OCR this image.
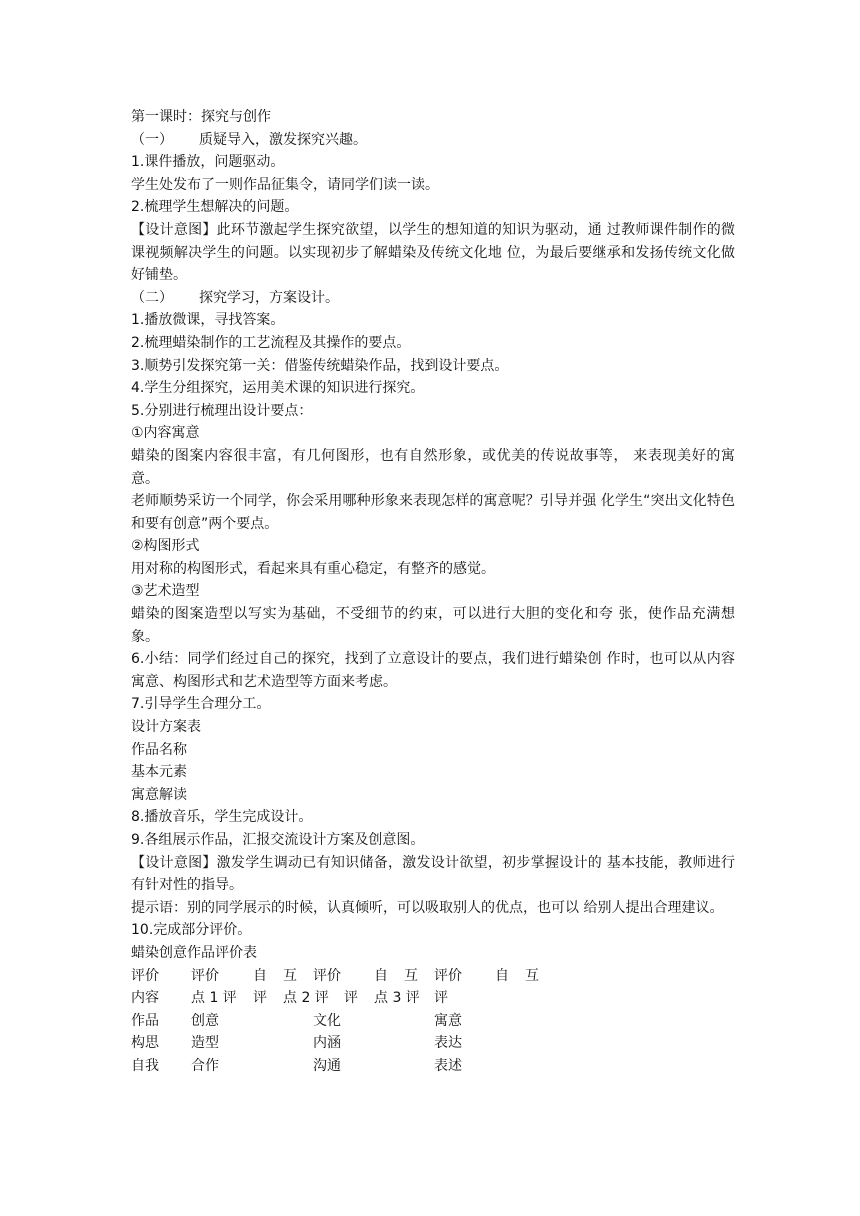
第一课时：探究与创作
（一） 质疑导入，激发探究兴趣。
1.课件播放，问题驱动。
学生处发布了一则作品征集令，请同学们读一读。
2.梳理学生想解决的问题。
【设计意图】此环节激起学生探究欲望，以学生的想知道的知识为驱动，通 过教师课件制作的微课视频解决学生的问题。以实现初步了解蜡染及传统文化地 位，为最后要继承和发扬传统文化做好铺垫。
（二） 探究学习，方案设计。
1.播放微课，寻找答案。
2.梳理蜡染制作的工艺流程及其操作的要点。
3.顺势引发探究第一关：借鉴传统蜡染作品，找到设计要点。
4.学生分组探究，运用美术课的知识进行探究。
5.分别进行梳理出设计要点：
①内容寓意
蜡染的图案内容很丰富，有几何图形，也有自然形象，或优美的传说故事等， 来表现美好的寓意。
老师顺势采访一个同学，你会采用哪种形象来表现怎样的寓意呢？引导并强 化学生“突出文化特色和要有创意”两个要点。
②构图形式
用对称的构图形式，看起来具有重心稳定，有整齐的感觉。
③艺术造型
蜡染的图案造型以写实为基础，不受细节的约束，可以进行大胆的变化和夸 张，使作品充满想象。
6.小结：同学们经过自己的探究，找到了立意设计的要点，我们进行蜡染创 作时，也可以从内容寓意、构图形式和艺术造型等方面来考虑。
7.引导学生合理分工。
设计方案表
作品名称
基本元素
寓意解读
8.播放音乐，学生完成设计。
9.各组展示作品，汇报交流设计方案及创意图。
【设计意图】激发学生调动已有知识储备，激发设计欲望，初步掌握设计的 基本技能，教师进行有针对性的指导。
提示语：别的同学展示的时候，认真倾听，可以吸取别人的优点，也可以 给别人提出合理建议。
10.完成部分评价。
蜡染创意作品评价表
评价 评价 自 互 评价 自 互 评价 自 互
内容 点 1 评 评 点 2 评 评 点 3 评 评
作品 创意	文化	寓意
构思 造型	内涵	表达
自我 合作	沟通	表述
